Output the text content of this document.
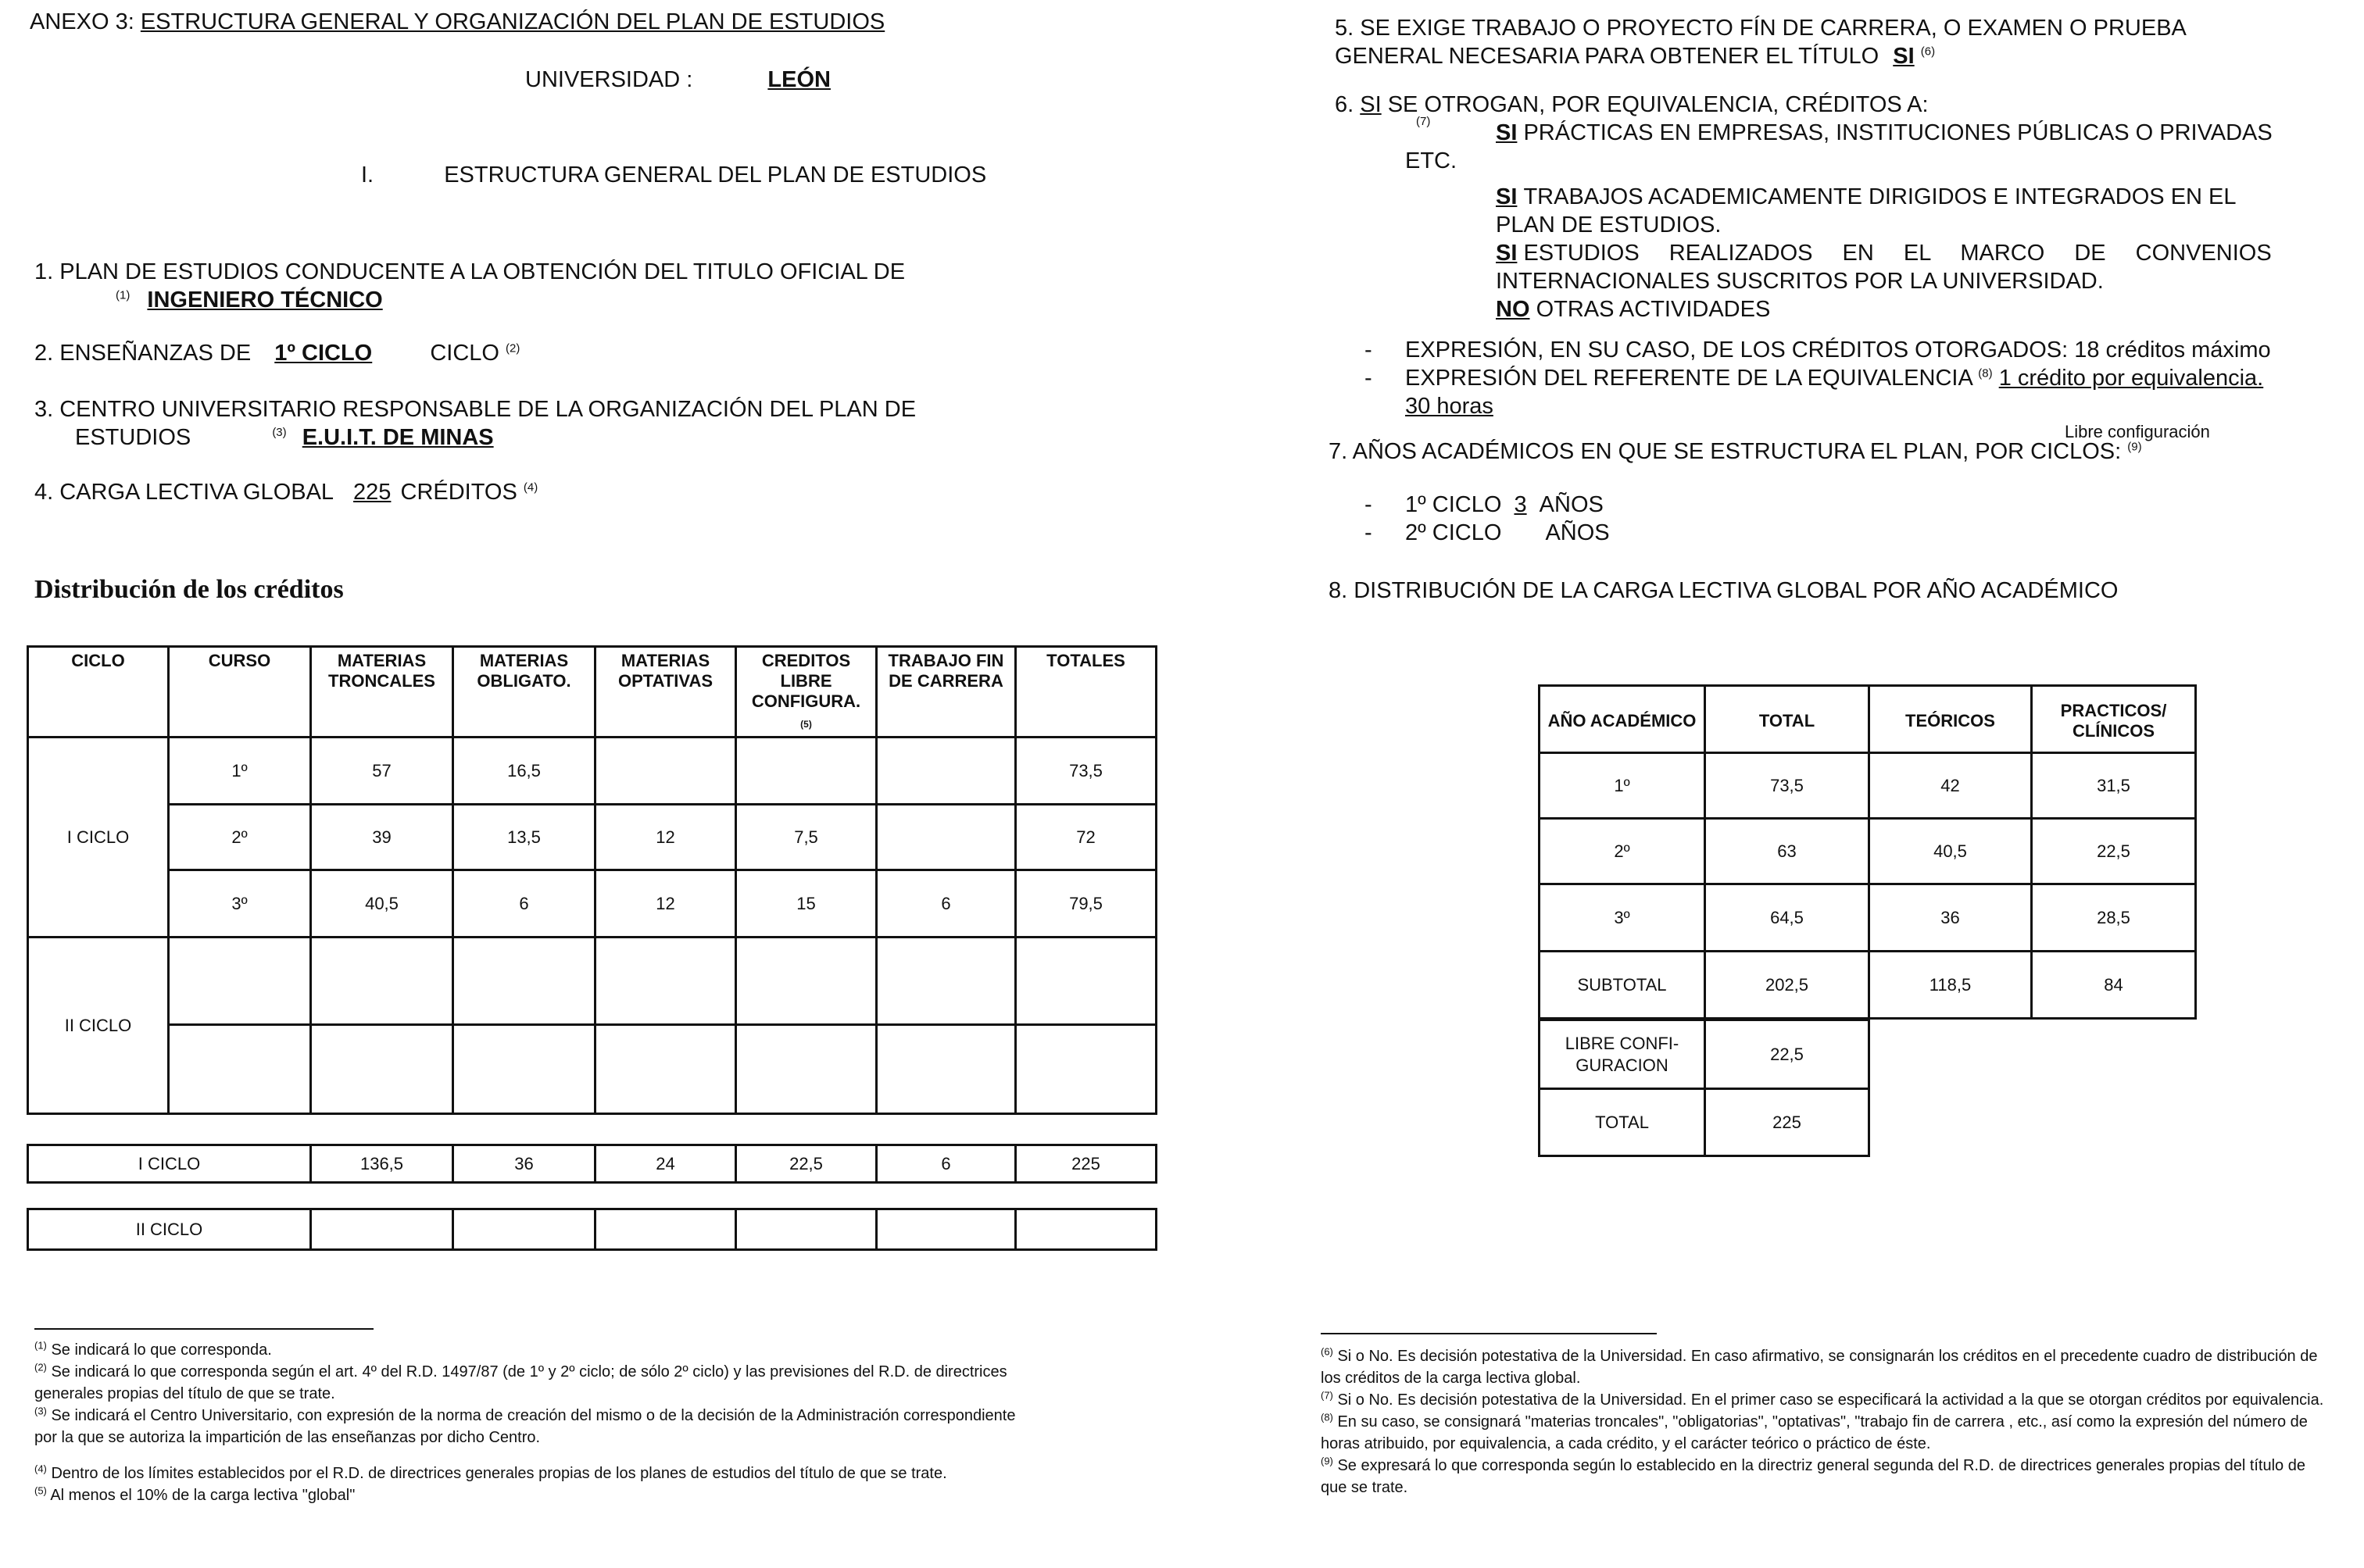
ANEXO 3: ESTRUCTURA GENERAL Y ORGANIZACIÓN DEL PLAN DE ESTUDIOS
UNIVERSIDAD :	LEÓN
I.	ESTRUCTURA GENERAL DEL PLAN DE ESTUDIOS
1. PLAN DE ESTUDIOS CONDUCENTE A LA OBTENCIÓN DEL TITULO OFICIAL DE
$^{(1)}$ INGENIERO TÉCNICO
2. ENSEÑANZAS DE 1º CICLO	CICLO $^{(2)}$
3. CENTRO UNIVERSITARIO RESPONSABLE DE LA ORGANIZACIÓN DEL PLAN DE
ESTUDIOS	$^{(3)}$ E.U.I.T. DE MINAS
4. CARGA LECTIVA GLOBAL 225 CRÉDITOS $^{(4)}$
Distribución de los créditos
CICLO	CURSO	MATERIAS TRONCALES	MATERIAS OBLIGATO.	MATERIAS OPTATIVAS	CREDITOS LIBRE CONFIGURA.
(5)	TRABAJO FIN DE CARRERA	TOTALES
I CICLO	1º	57	16,5				73,5
	2º	39	13,5	12	7,5		72
	3º	40,5	6	12	15	6	79,5
II CICLO							

I CICLO	136,5	36	24	22,5	6	225
II CICLO						
$^{(1)}$ Se indicará lo que corresponda.
$^{(2)}$ Se indicará lo que corresponda según el art. 4º del R.D. 1497/87 (de 1º y 2º ciclo; de sólo 2º ciclo) y las previsiones del R.D. de directrices generales propias del título de que se trate.
$^{(3)}$ Se indicará el Centro Universitario, con expresión de la norma de creación del mismo o de la decisión de la Administración correspondiente por la que se autoriza la impartición de las enseñanzas por dicho Centro.
$^{(4)}$ Dentro de los límites establecidos por el R.D. de directrices generales propias de los planes de estudios del título de que se trate.
$^{(5)}$ Al menos el 10% de la carga lectiva "global"
5. SE EXIGE TRABAJO O PROYECTO FÍN DE CARRERA, O EXAMEN O PRUEBA
GENERAL NECESARIA PARA OBTENER EL TÍTULO SI $^{(6)}$
6. SI SE OTROGAN, POR EQUIVALENCIA, CRÉDITOS A:
(7)	SI PRÁCTICAS EN EMPRESAS, INSTITUCIONES PÚBLICAS O PRIVADAS
ETC.
SI TRABAJOS ACADEMICAMENTE DIRIGIDOS E INTEGRADOS EN EL
PLAN DE ESTUDIOS.
SI ESTUDIOS REALIZADOS EN EL MARCO DE CONVENIOS
INTERNACIONALES SUSCRITOS POR LA UNIVERSIDAD.
NO OTRAS ACTIVIDADES
- EXPRESIÓN, EN SU CASO, DE LOS CRÉDITOS OTORGADOS: 18 créditos máximo
- EXPRESIÓN DEL REFERENTE DE LA EQUIVALENCIA $^{(8)}$ 1 crédito por equivalencia.
30 horas
Libre configuración
7. AÑOS ACADÉMICOS EN QUE SE ESTRUCTURA EL PLAN, POR CICLOS: $^{(9)}$
- 1º CICLO 3 AÑOS
- 2º CICLO AÑOS
8. DISTRIBUCIÓN DE LA CARGA LECTIVA GLOBAL POR AÑO ACADÉMICO
AÑO ACADÉMICO	TOTAL	TEÓRICOS	PRACTICOS/ CLÍNICOS
1º	73,5	42	31,5
2º	63	40,5	22,5
3º	64,5	36	28,5
SUBTOTAL	202,5	118,5	84
LIBRE CONFI-GURACION	22,5
TOTAL	225
$^{(6)}$ Si o No. Es decisión potestativa de la Universidad. En caso afirmativo, se consignarán los créditos en el precedente cuadro de distribución de los créditos de la carga lectiva global.
$^{(7)}$ Si o No. Es decisión potestativa de la Universidad. En el primer caso se especificará la actividad a la que se otorgan créditos por equivalencia.
$^{(8)}$ En su caso, se consignará "materias troncales", "obligatorias", "optativas", "trabajo fin de carrera , etc., así como la expresión del número de horas atribuido, por equivalencia, a cada crédito, y el carácter teórico o práctico de éste.
$^{(9)}$ Se expresará lo que corresponda según lo establecido en la directriz general segunda del R.D. de directrices generales propias del título de que se trate.
